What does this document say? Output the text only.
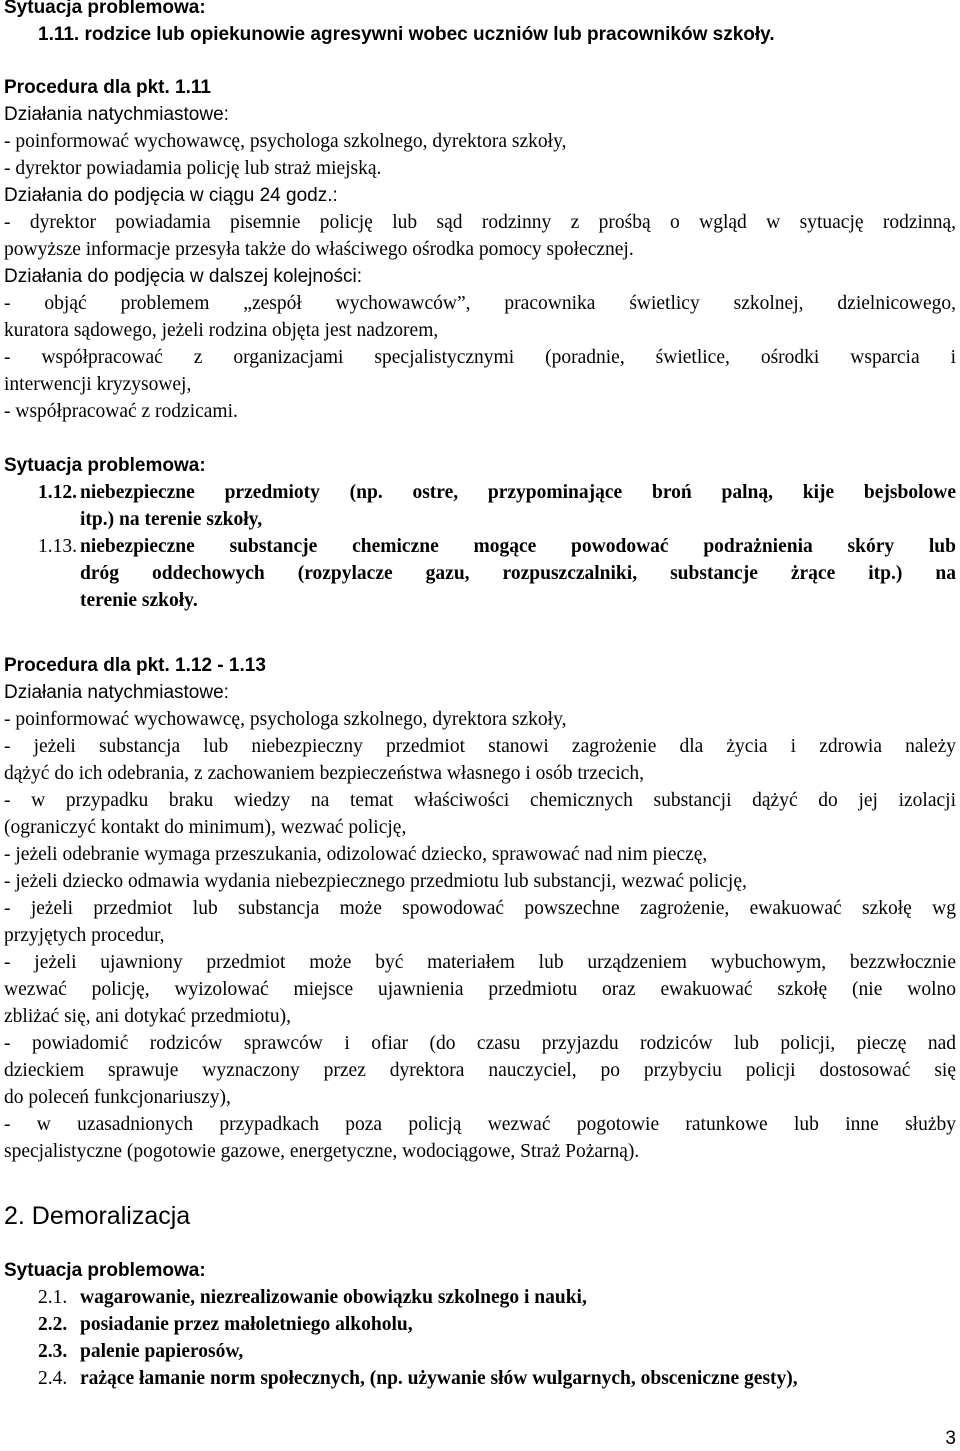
Sytuacja problemowa:
1.11. rodzice lub opiekunowie agresywni wobec uczniów lub pracowników szkoły.
Procedura dla pkt. 1.11
Działania natychmiastowe:
- poinformować wychowawcę, psychologa szkolnego, dyrektora szkoły,
- dyrektor powiadamia policję lub straż miejską.
Działania do podjęcia w ciągu 24 godz.:
- dyrektor powiadamia pisemnie policję lub sąd rodzinny z prośbą o wgląd w sytuację rodzinną,
powyższe informacje przesyła także do właściwego ośrodka pomocy społecznej.
Działania do podjęcia w dalszej kolejności:
- objąć problemem „zespół wychowawców”, pracownika świetlicy szkolnej, dzielnicowego,
kuratora sądowego, jeżeli rodzina objęta jest nadzorem,
- współpracować z organizacjami specjalistycznymi (poradnie, świetlice, ośrodki wsparcia i
interwencji kryzysowej,
- współpracować z rodzicami.
Sytuacja problemowa:
1.12. niebezpieczne przedmioty (np. ostre, przypominające broń palną, kije bejsbolowe
itp.) na terenie szkoły,
1.13. niebezpieczne substancje chemiczne mogące powodować podrażnienia skóry lub
dróg oddechowych (rozpylacze gazu, rozpuszczalniki, substancje żrące itp.) na
terenie szkoły.
Procedura dla pkt. 1.12 - 1.13
Działania natychmiastowe:
- poinformować wychowawcę, psychologa szkolnego, dyrektora szkoły,
- jeżeli substancja lub niebezpieczny przedmiot stanowi zagrożenie dla życia i zdrowia należy
dążyć do ich odebrania, z zachowaniem bezpieczeństwa własnego i osób trzecich,
- w przypadku braku wiedzy na temat właściwości chemicznych substancji dążyć do jej izolacji
(ograniczyć kontakt do minimum), wezwać policję,
- jeżeli odebranie wymaga przeszukania, odizolować dziecko, sprawować nad nim pieczę,
- jeżeli dziecko odmawia wydania niebezpiecznego przedmiotu lub substancji, wezwać policję,
- jeżeli przedmiot lub substancja może spowodować powszechne zagrożenie, ewakuować szkołę wg
przyjętych procedur,
- jeżeli ujawniony przedmiot może być materiałem lub urządzeniem wybuchowym, bezzwłocznie
wezwać policję, wyizolować miejsce ujawnienia przedmiotu oraz ewakuować szkołę (nie wolno
zbliżać się, ani dotykać przedmiotu),
- powiadomić rodziców sprawców i ofiar (do czasu przyjazdu rodziców lub policji, pieczę nad
dzieckiem sprawuje wyznaczony przez dyrektora nauczyciel, po przybyciu policji dostosować się
do poleceń funkcjonariuszy),
- w uzasadnionych przypadkach poza policją wezwać pogotowie ratunkowe lub inne służby
specjalistyczne (pogotowie gazowe, energetyczne, wodociągowe, Straż Pożarną).
2. Demoralizacja
Sytuacja problemowa:
2.1. wagarowanie, niezrealizowanie obowiązku szkolnego i nauki,
2.2. posiadanie przez małoletniego alkoholu,
2.3. palenie papierosów,
2.4. rażące łamanie norm społecznych, (np. używanie słów wulgarnych, obsceniczne gesty),
3
